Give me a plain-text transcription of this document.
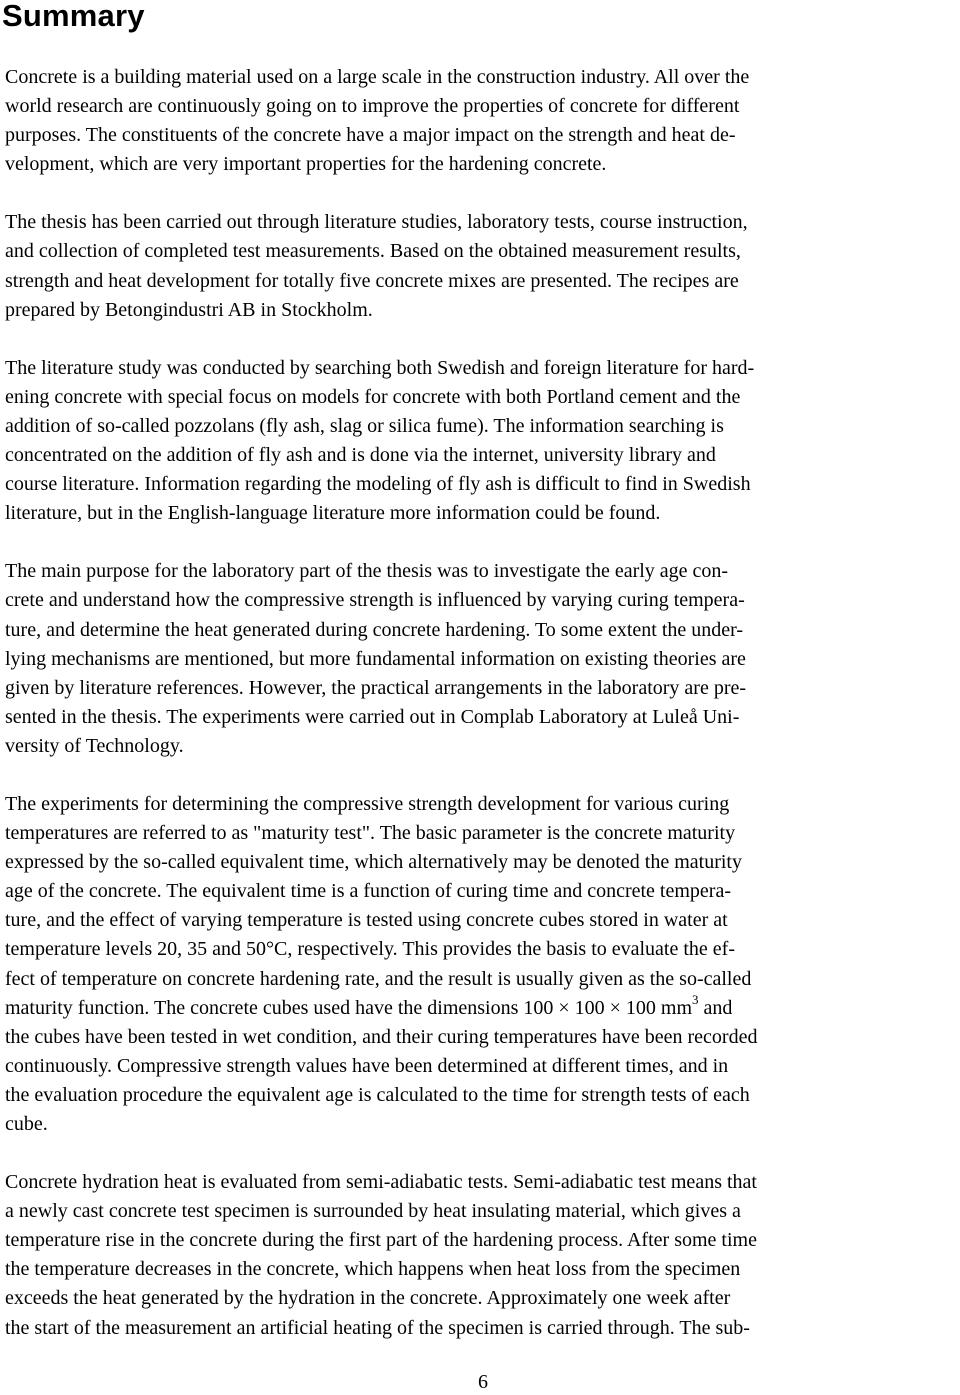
Summary

Concrete is a building material used on a large scale in the construction industry. All over the
world research are continuously going on to improve the properties of concrete for different
purposes. The constituents of the concrete have a major impact on the strength and heat de-
velopment, which are very important properties for the hardening concrete.

The thesis has been carried out through literature studies, laboratory tests, course instruction,
and collection of completed test measurements. Based on the obtained measurement results,
strength and heat development for totally five concrete mixes are presented. The recipes are
prepared by Betongindustri AB in Stockholm.

The literature study was conducted by searching both Swedish and foreign literature for hard-
ening concrete with special focus on models for concrete with both Portland cement and the
addition of so-called pozzolans (fly ash, slag or silica fume). The information searching is
concentrated on the addition of fly ash and is done via the internet, university library and
course literature. Information regarding the modeling of fly ash is difficult to find in Swedish
literature, but in the English-language literature more information could be found.

The main purpose for the laboratory part of the thesis was to investigate the early age con-
crete and understand how the compressive strength is influenced by varying curing tempera-
ture, and determine the heat generated during concrete hardening. To some extent the under-
lying mechanisms are mentioned, but more fundamental information on existing theories are
given by literature references. However, the practical arrangements in the laboratory are pre-
sented in the thesis. The experiments were carried out in Complab Laboratory at Luleå Uni-
versity of Technology.

The experiments for determining the compressive strength development for various curing
temperatures are referred to as "maturity test". The basic parameter is the concrete maturity
expressed by the so-called equivalent time, which alternatively may be denoted the maturity
age of the concrete. The equivalent time is a function of curing time and concrete tempera-
ture, and the effect of varying temperature is tested using concrete cubes stored in water at
temperature levels 20, 35 and 50°C, respectively. This provides the basis to evaluate the ef-
fect of temperature on concrete hardening rate, and the result is usually given as the so-called
maturity function. The concrete cubes used have the dimensions 100 × 100 × 100 $mm^3$ and
the cubes have been tested in wet condition, and their curing temperatures have been recorded
continuously. Compressive strength values have been determined at different times, and in
the evaluation procedure the equivalent age is calculated to the time for strength tests of each
cube.

Concrete hydration heat is evaluated from semi-adiabatic tests. Semi-adiabatic test means that
a newly cast concrete test specimen is surrounded by heat insulating material, which gives a
temperature rise in the concrete during the first part of the hardening process. After some time
the temperature decreases in the concrete, which happens when heat loss from the specimen
exceeds the heat generated by the hydration in the concrete. Approximately one week after
the start of the measurement an artificial heating of the specimen is carried through. The sub-

6
